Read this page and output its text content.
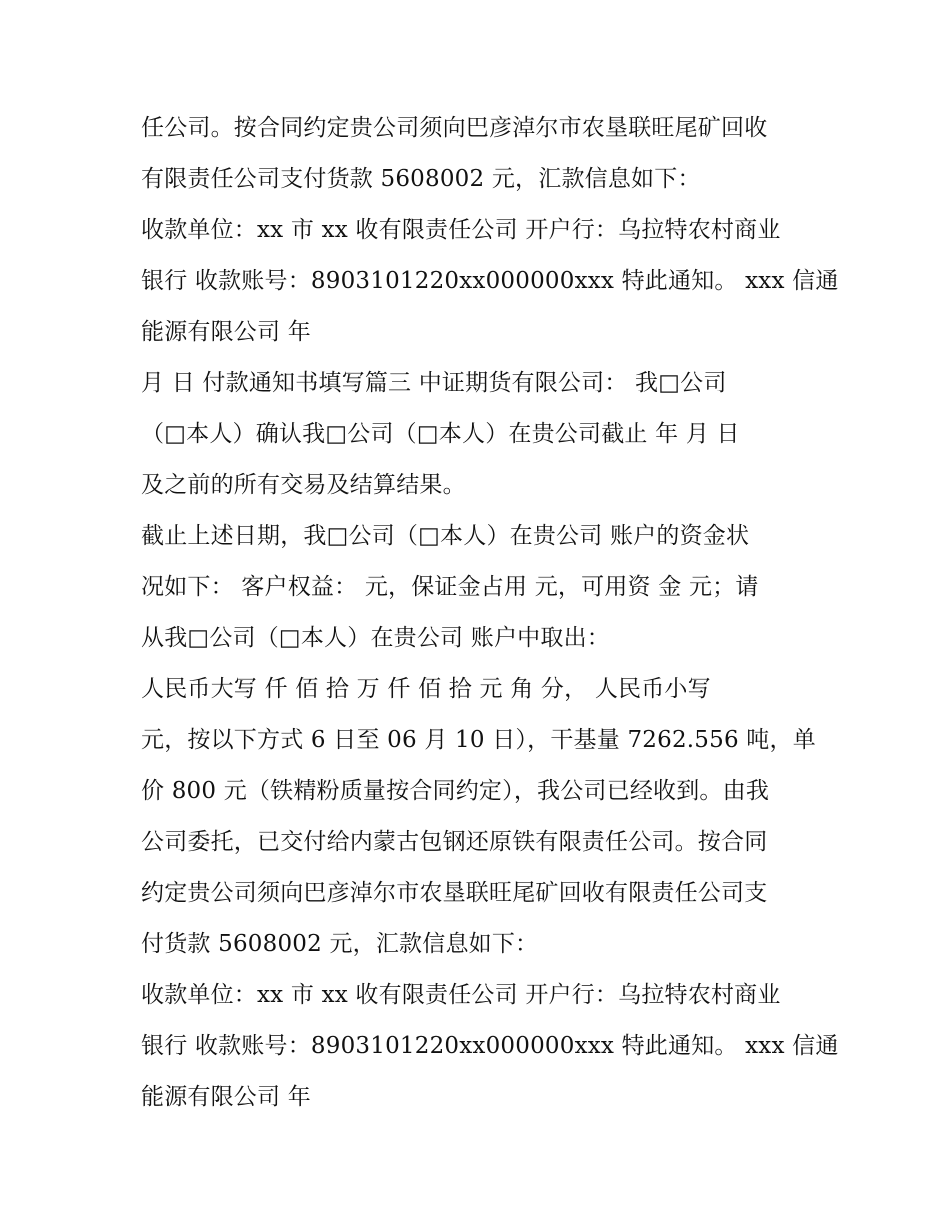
任公司。按合同约定贵公司须向巴彦淖尔市农垦联旺尾矿回收

有限责任公司支付货款 5608002 元，汇款信息如下：

收款单位：xx 市 xx 收有限责任公司 开户行：乌拉特农村商业

银行 收款账号：8903101220xx000000xxx 特此通知。 xxx 信通

能源有限公司 年

月 日 付款通知书填写篇三 中证期货有限公司： 我□公司

（□本人）确认我□公司（□本人）在贵公司截止 年 月 日

及之前的所有交易及结算结果。

截止上述日期，我□公司（□本人）在贵公司 账户的资金状

况如下： 客户权益： 元，保证金占用 元，可用资 金 元；请

从我□公司（□本人）在贵公司 账户中取出：

人民币大写 仟 佰 拾 万 仟 佰 拾 元 角 分， 人民币小写

元，按以下方式 6 日至 06 月 10 日），干基量 7262.556 吨，单

价 800 元（铁精粉质量按合同约定），我公司已经收到。由我

公司委托，已交付给内蒙古包钢还原铁有限责任公司。按合同

约定贵公司须向巴彦淖尔市农垦联旺尾矿回收有限责任公司支

付货款 5608002 元，汇款信息如下：

收款单位：xx 市 xx 收有限责任公司 开户行：乌拉特农村商业

银行 收款账号：8903101220xx000000xxx 特此通知。 xxx 信通

能源有限公司 年
